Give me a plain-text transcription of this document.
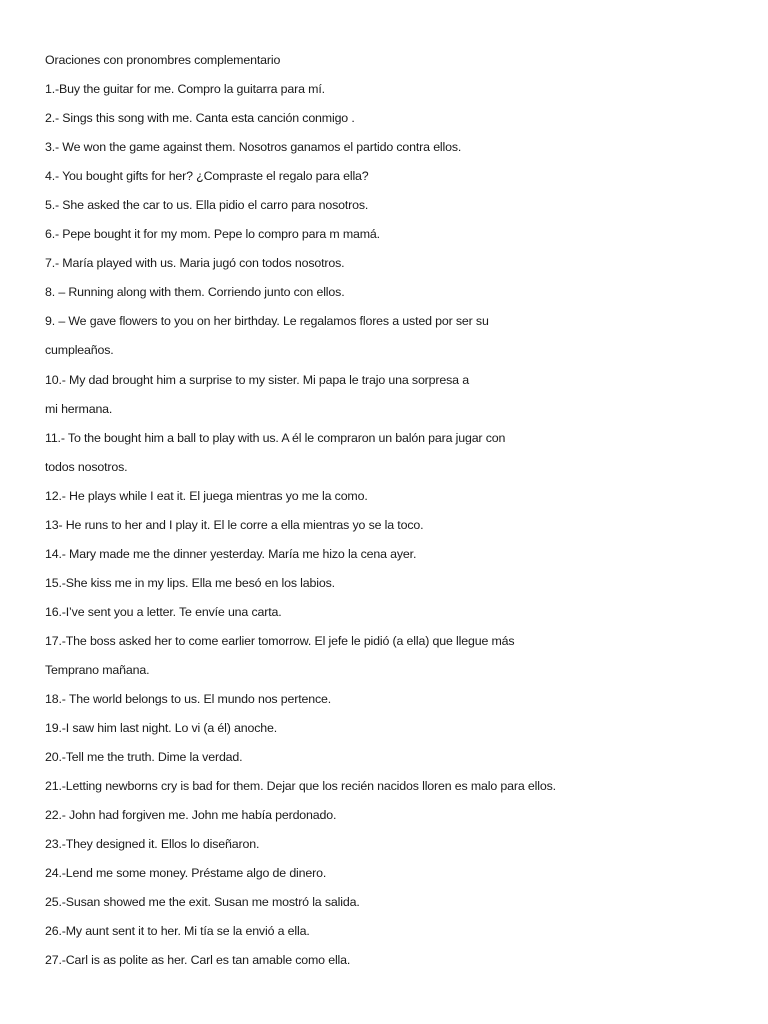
Oraciones con pronombres complementario
1.-Buy the guitar for me. Compro la guitarra para mí.
2.- Sings this song with me. Canta esta canción conmigo .
3.- We won the game against them. Nosotros ganamos el partido contra ellos.
4.- You bought gifts for her? ¿Compraste el regalo para ella?
5.- She asked the car to us. Ella pidio el carro para nosotros.
6.- Pepe bought it for my mom. Pepe lo compro para m mamá.
7.- María played with us. Maria jugó con todos nosotros.
8. – Running along with them. Corriendo junto con ellos.
9. – We gave flowers to you on her birthday. Le regalamos flores a usted por ser su
cumpleaños.
10.- My dad brought him a surprise to my sister. Mi papa le trajo una sorpresa a
mi hermana.
11.- To the bought him a ball to play with us. A él le compraron un balón para jugar con
todos nosotros.
12.- He plays while I eat it. El juega mientras yo me la como.
13- He runs to her and I play it. El le corre a ella mientras yo se la toco.
14.- Mary made me the dinner yesterday. María me hizo la cena ayer.
15.-She kiss me in my lips. Ella me besó en los labios.
16.-I’ve sent you a letter. Te envíe una carta.
17.-The boss asked her to come earlier tomorrow. El jefe le pidió (a ella) que llegue más
Temprano mañana.
18.- The world belongs to us. El mundo nos pertence.
19.-I saw him last night. Lo vi (a él) anoche.
20.-Tell me the truth. Dime la verdad.
21.-Letting newborns cry is bad for them. Dejar que los recién nacidos lloren es malo para ellos.
22.- John had forgiven me. John me había perdonado.
23.-They designed it. Ellos lo diseñaron.
24.-Lend me some money. Préstame algo de dinero.
25.-Susan showed me the exit. Susan me mostró la salida.
26.-My aunt sent it to her. Mi tía se la envió a ella.
27.-Carl is as polite as her. Carl es tan amable como ella.
